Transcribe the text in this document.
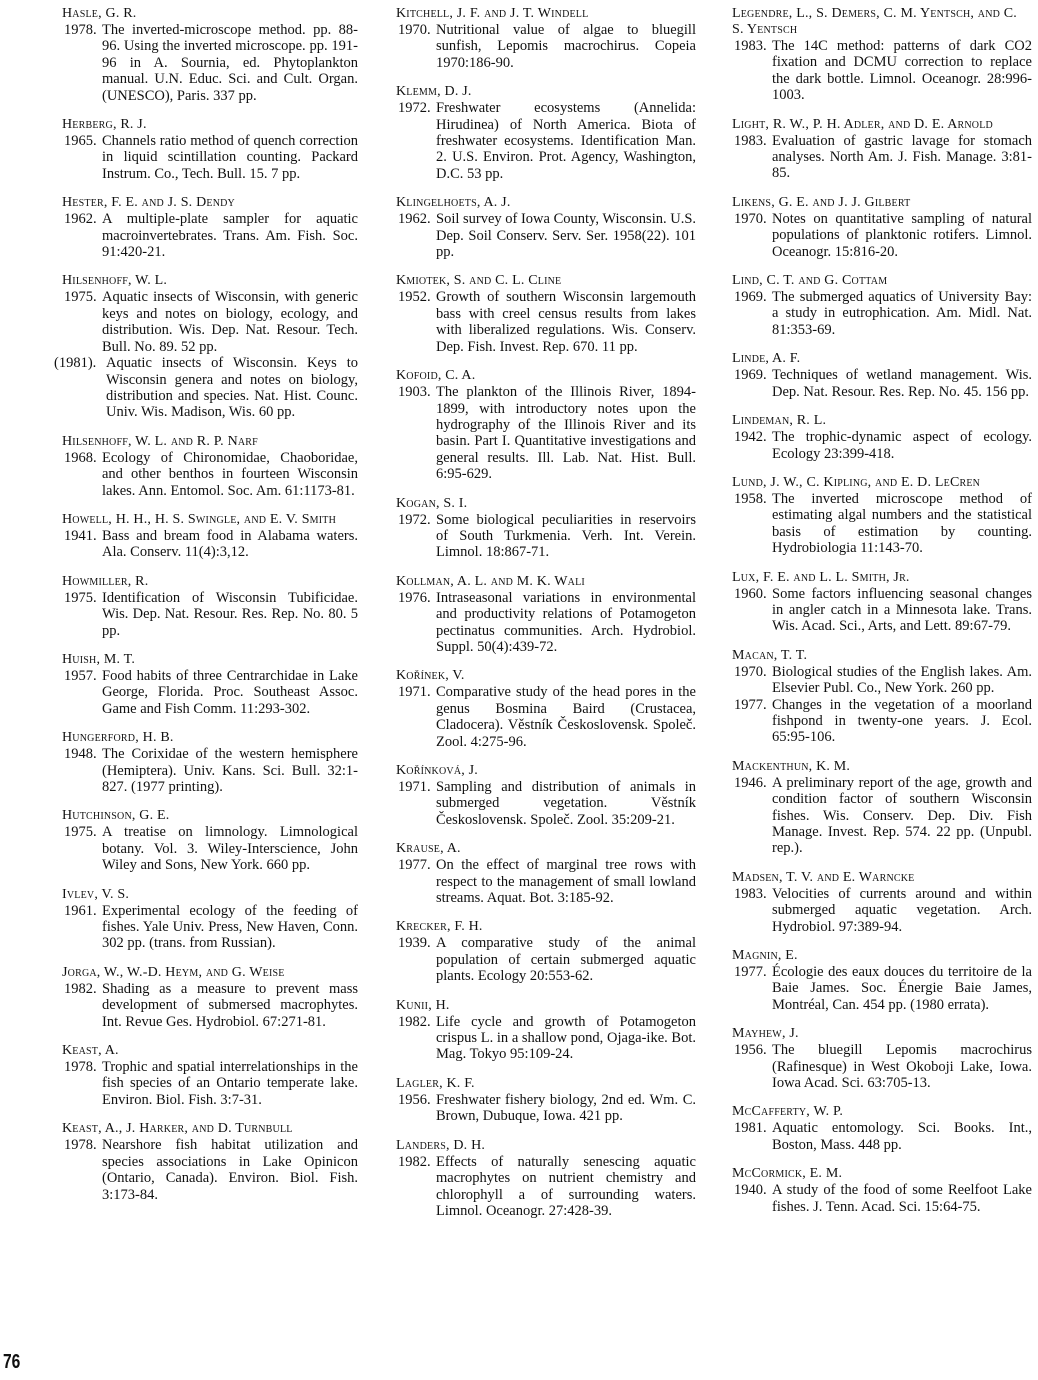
Hasle, G. R.
1978. The inverted-microscope method. pp. 88-96. Using the inverted microscope. pp. 191-96 in A. Sournia, ed. Phytoplankton manual. U.N. Educ. Sci. and Cult. Organ. (UNESCO), Paris. 337 pp.
Herberg, R. J.
1965. Channels ratio method of quench correction in liquid scintillation counting. Packard Instrum. Co., Tech. Bull. 15. 7 pp.
Hester, F. E. and J. S. Dendy
1962. A multiple-plate sampler for aquatic macroinvertebrates. Trans. Am. Fish. Soc. 91:420-21.
Hilsenhoff, W. L.
1975. Aquatic insects of Wisconsin, with generic keys and notes on biology, ecology, and distribution. Wis. Dep. Nat. Resour. Tech. Bull. No. 89. 52 pp.
(1981). Aquatic insects of Wisconsin. Keys to Wisconsin genera and notes on biology, distribution and species. Nat. Hist. Counc. Univ. Wis. Madison, Wis. 60 pp.
Hilsenhoff, W. L. and R. P. Narf
1968. Ecology of Chironomidae, Chaoboridae, and other benthos in fourteen Wisconsin lakes. Ann. Entomol. Soc. Am. 61:1173-81.
Howell, H. H., H. S. Swingle, and E. V. Smith
1941. Bass and bream food in Alabama waters. Ala. Conserv. 11(4):3,12.
Howmiller, R.
1975. Identification of Wisconsin Tubificidae. Wis. Dep. Nat. Resour. Res. Rep. No. 80. 5 pp.
Huish, M. T.
1957. Food habits of three Centrarchidae in Lake George, Florida. Proc. Southeast Assoc. Game and Fish Comm. 11:293-302.
Hungerford, H. B.
1948. The Corixidae of the western hemisphere (Hemiptera). Univ. Kans. Sci. Bull. 32:1-827. (1977 printing).
Hutchinson, G. E.
1975. A treatise on limnology. Limnological botany. Vol. 3. Wiley-Interscience, John Wiley and Sons, New York. 660 pp.
Ivlev, V. S.
1961. Experimental ecology of the feeding of fishes. Yale Univ. Press, New Haven, Conn. 302 pp. (trans. from Russian).
Jorga, W., W.-D. Heym, and G. Weise
1982. Shading as a measure to prevent mass development of submersed macrophytes. Int. Revue Ges. Hydrobiol. 67:271-81.
Keast, A.
1978. Trophic and spatial interrelationships in the fish species of an Ontario temperate lake. Environ. Biol. Fish. 3:7-31.
Keast, A., J. Harker, and D. Turnbull
1978. Nearshore fish habitat utilization and species associations in Lake Opinicon (Ontario, Canada). Environ. Biol. Fish. 3:173-84.
Kitchell, J. F. and J. T. Windell
1970. Nutritional value of algae to bluegill sunfish, Lepomis macrochirus. Copeia 1970:186-90.
Klemm, D. J.
1972. Freshwater ecosystems (Annelida: Hirudinea) of North America. Biota of freshwater ecosystems. Identification Man. 2. U.S. Environ. Prot. Agency, Washington, D.C. 53 pp.
Klingelhoets, A. J.
1962. Soil survey of Iowa County, Wisconsin. U.S. Dep. Soil Conserv. Serv. Ser. 1958(22). 101 pp.
Kmiotek, S. and C. L. Cline
1952. Growth of southern Wisconsin largemouth bass with creel census results from lakes with liberalized regulations. Wis. Conserv. Dep. Fish. Invest. Rep. 670. 11 pp.
Kofoid, C. A.
1903. The plankton of the Illinois River, 1894-1899, with introductory notes upon the hydrography of the Illinois River and its basin. Part I. Quantitative investigations and general results. Ill. Lab. Nat. Hist. Bull. 6:95-629.
Kogan, S. I.
1972. Some biological peculiarities in reservoirs of South Turkmenia. Verh. Int. Verein. Limnol. 18:867-71.
Kollman, A. L. and M. K. Wali
1976. Intraseasonal variations in environmental and productivity relations of Potamogeton pectinatus communities. Arch. Hydrobiol. Suppl. 50(4):439-72.
Kořínek, V.
1971. Comparative study of the head pores in the genus Bosmina Baird (Crustacea, Cladocera). Věstník Československ. Společ. Zool. 4:275-96.
Kořínková, J.
1971. Sampling and distribution of animals in submerged vegetation. Věstník Československ. Společ. Zool. 35:209-21.
Krause, A.
1977. On the effect of marginal tree rows with respect to the management of small lowland streams. Aquat. Bot. 3:185-92.
Krecker, F. H.
1939. A comparative study of the animal population of certain submerged aquatic plants. Ecology 20:553-62.
Kunii, H.
1982. Life cycle and growth of Potamogeton crispus L. in a shallow pond, Ojaga-ike. Bot. Mag. Tokyo 95:109-24.
Lagler, K. F.
1956. Freshwater fishery biology, 2nd ed. Wm. C. Brown, Dubuque, Iowa. 421 pp.
Landers, D. H.
1982. Effects of naturally senescing aquatic macrophytes on nutrient chemistry and chlorophyll a of surrounding waters. Limnol. Oceanogr. 27:428-39.
Legendre, L., S. Demers, C. M. Yentsch, and C. S. Yentsch
1983. The 14C method: patterns of dark CO2 fixation and DCMU correction to replace the dark bottle. Limnol. Oceanogr. 28:996-1003.
Light, R. W., P. H. Adler, and D. E. Arnold
1983. Evaluation of gastric lavage for stomach analyses. North Am. J. Fish. Manage. 3:81-85.
Likens, G. E. and J. J. Gilbert
1970. Notes on quantitative sampling of natural populations of planktonic rotifers. Limnol. Oceanogr. 15:816-20.
Lind, C. T. and G. Cottam
1969. The submerged aquatics of University Bay: a study in eutrophication. Am. Midl. Nat. 81:353-69.
Linde, A. F.
1969. Techniques of wetland management. Wis. Dep. Nat. Resour. Res. Rep. No. 45. 156 pp.
Lindeman, R. L.
1942. The trophic-dynamic aspect of ecology. Ecology 23:399-418.
Lund, J. W., C. Kipling, and E. D. LeCren
1958. The inverted microscope method of estimating algal numbers and the statistical basis of estimation by counting. Hydrobiologia 11:143-70.
Lux, F. E. and L. L. Smith, Jr.
1960. Some factors influencing seasonal changes in angler catch in a Minnesota lake. Trans. Wis. Acad. Sci., Arts, and Lett. 89:67-79.
Macan, T. T.
1970. Biological studies of the English lakes. Am. Elsevier Publ. Co., New York. 260 pp.
1977. Changes in the vegetation of a moorland fishpond in twenty-one years. J. Ecol. 65:95-106.
Mackenthun, K. M.
1946. A preliminary report of the age, growth and condition factor of southern Wisconsin fishes. Wis. Conserv. Dep. Div. Fish Manage. Invest. Rep. 574. 22 pp. (Unpubl. rep.).
Madsen, T. V. and E. Warncke
1983. Velocities of currents around and within submerged aquatic vegetation. Arch. Hydrobiol. 97:389-94.
Magnin, E.
1977. Écologie des eaux douces du territoire de la Baie James. Soc. Énergie Baie James, Montréal, Can. 454 pp. (1980 errata).
Mayhew, J.
1956. The bluegill Lepomis macrochirus (Rafinesque) in West Okoboji Lake, Iowa. Iowa Acad. Sci. 63:705-13.
McCafferty, W. P.
1981. Aquatic entomology. Sci. Books. Int., Boston, Mass. 448 pp.
McCormick, E. M.
1940. A study of the food of some Reelfoot Lake fishes. J. Tenn. Acad. Sci. 15:64-75.
76
